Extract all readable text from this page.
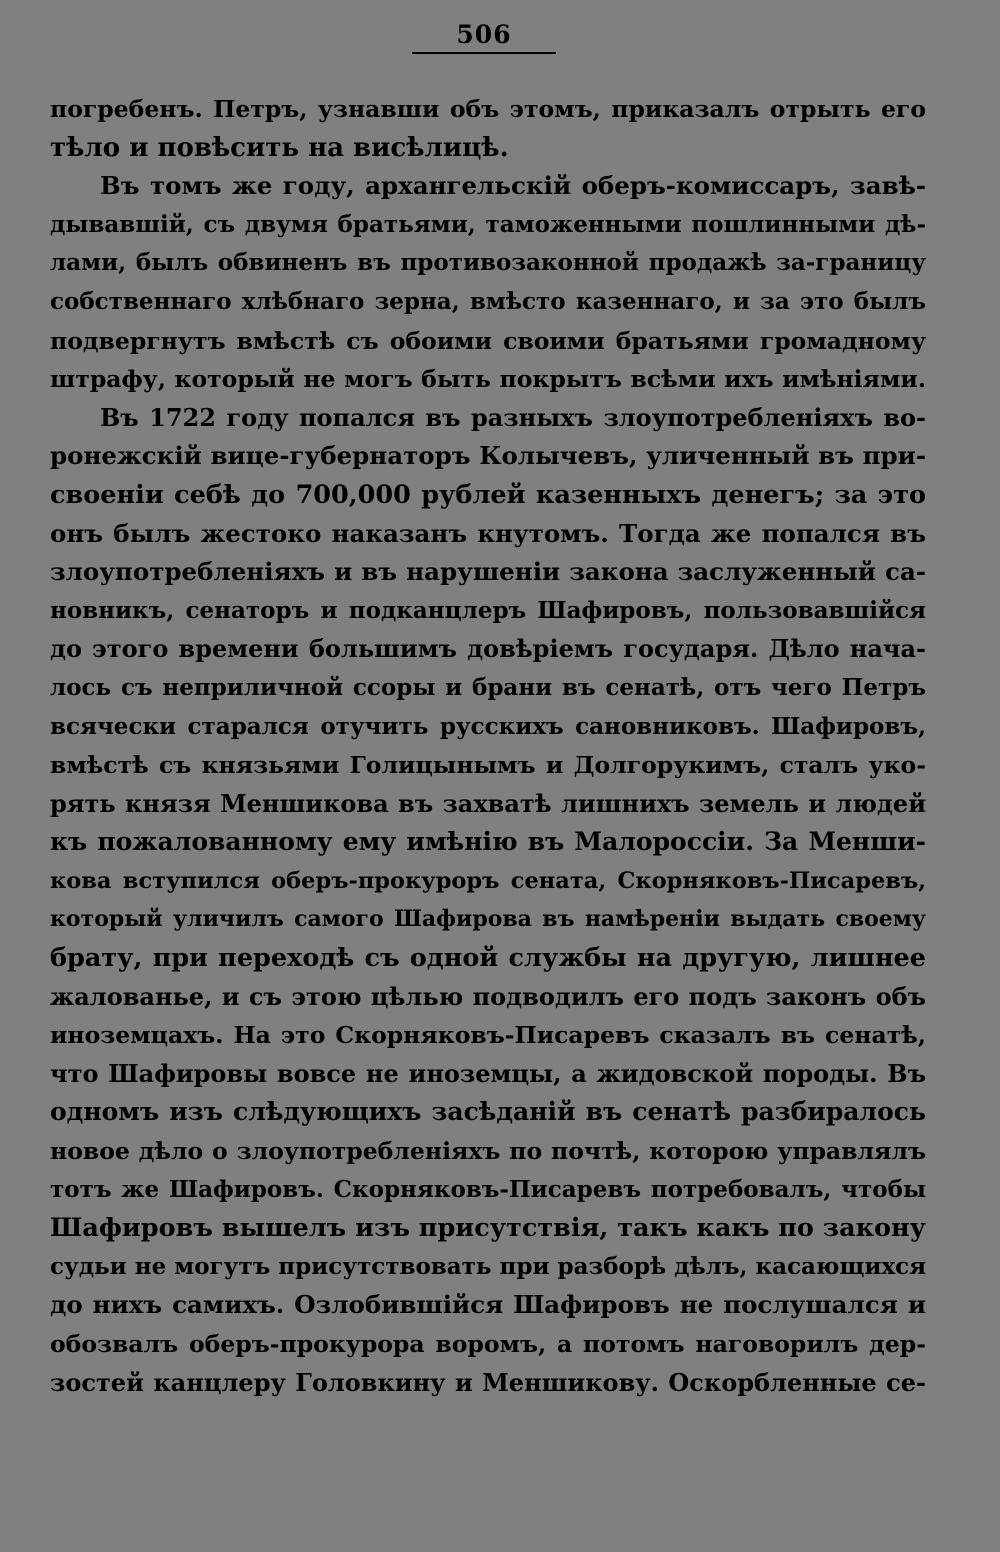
506
погребенъ. Петръ, узнавши объ этомъ, приказалъ отрыть его
тѣло и повѣсить на висѣлицѣ.
Въ томъ же году, архангельскій оберъ-комиссаръ, завѣ-
дывавшій, съ двумя братьями, таможенными пошлинными дѣ-
лами, былъ обвиненъ въ противозаконной продажѣ за-границу
собственнаго хлѣбнаго зерна, вмѣсто казеннаго, и за это былъ
подвергнутъ вмѣстѣ съ обоими своими братьями громадному
штрафу, который не могъ быть покрытъ всѣми ихъ имѣніями.
Въ 1722 году попался въ разныхъ злоупотребленіяхъ во-
ронежскій вице-губернаторъ Колычевъ, уличенный въ при-
своеніи себѣ до 700,000 рублей казенныхъ денегъ; за это
онъ былъ жестоко наказанъ кнутомъ. Тогда же попался въ
злоупотребленіяхъ и въ нарушеніи закона заслуженный са-
новникъ, сенаторъ и подканцлеръ Шафировъ, пользовавшійся
до этого времени большимъ довѣріемъ государя. Дѣло нача-
лось съ неприличной ссоры и брани въ сенатѣ, отъ чего Петръ
всячески старался отучить русскихъ сановниковъ. Шафировъ,
вмѣстѣ съ князьями Голицынымъ и Долгорукимъ, сталъ уко-
рять князя Меншикова въ захватѣ лишнихъ земель и людей
къ пожалованному ему имѣнію въ Малороссіи. За Менши-
кова вступился оберъ-прокуроръ сената, Скорняковъ-Писаревъ,
который уличилъ самого Шафирова въ намѣреніи выдать своему
брату, при переходѣ съ одной службы на другую, лишнее
жалованье, и съ этою цѣлью подводилъ его подъ законъ объ
иноземцахъ. На это Скорняковъ-Писаревъ сказалъ въ сенатѣ,
что Шафировы вовсе не иноземцы, а жидовской породы. Въ
одномъ изъ слѣдующихъ засѣданій въ сенатѣ разбиралось
новое дѣло о злоупотребленіяхъ по почтѣ, которою управлялъ
тотъ же Шафировъ. Скорняковъ-Писаревъ потребовалъ, чтобы
Шафировъ вышелъ изъ присутствія, такъ какъ по закону
судьи не могутъ присутствовать при разборѣ дѣлъ, касающихся
до нихъ самихъ. Озлобившійся Шафировъ не послушался и
обозвалъ оберъ-прокурора воромъ, а потомъ наговорилъ дер-
зостей канцлеру Головкину и Меншикову. Оскорбленные се-
